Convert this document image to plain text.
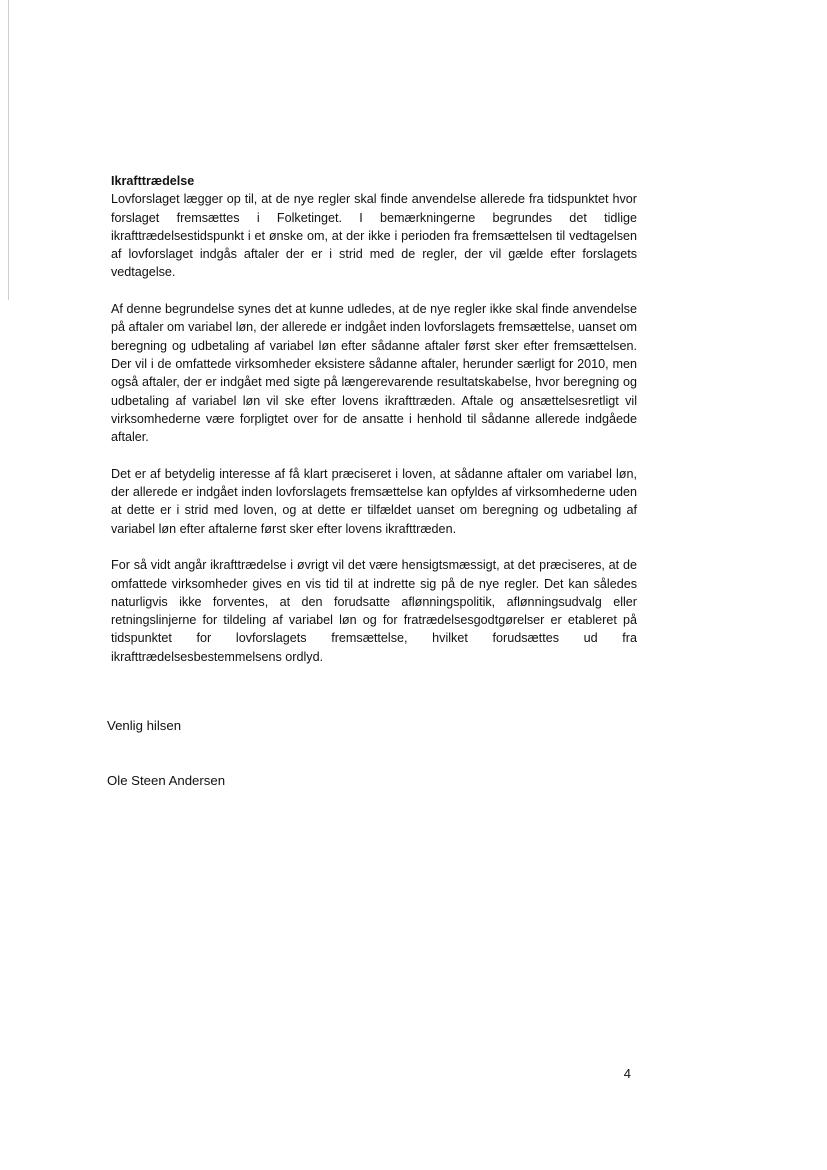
Ikrafttrædelse

Lovforslaget lægger op til, at de nye regler skal finde anvendelse allerede fra tidspunktet hvor forslaget fremsættes i Folketinget. I bemærkningerne begrundes det tidlige ikrafttrædelsestidspunkt i et ønske om, at der ikke i perioden fra fremsættelsen til vedtagelsen af lovforslaget indgås aftaler der er i strid med de regler, der vil gælde efter forslagets vedtagelse.

Af denne begrundelse synes det at kunne udledes, at de nye regler ikke skal finde anvendelse på aftaler om variabel løn, der allerede er indgået inden lovforslagets fremsættelse, uanset om beregning og udbetaling af variabel løn efter sådanne aftaler først sker efter fremsættelsen. Der vil i de omfattede virksomheder eksistere sådanne aftaler, herunder særligt for 2010, men også aftaler, der er indgået med sigte på længerevarende resultatskabelse, hvor beregning og udbetaling af variabel løn vil ske efter lovens ikrafttræden. Aftale og ansættelsesretligt vil virksomhederne være forpligtet over for de ansatte i henhold til sådanne allerede indgåede aftaler.

Det er af betydelig interesse af få klart præciseret i loven, at sådanne aftaler om variabel løn, der allerede er indgået inden lovforslagets fremsættelse kan opfyldes af virksomhederne uden at dette er i strid med loven, og at dette er tilfældet uanset om beregning og udbetaling af variabel løn efter aftalerne først sker efter lovens ikrafttræden.

For så vidt angår ikrafttrædelse i øvrigt vil det være hensigtsmæssigt, at det præciseres, at de omfattede virksomheder gives en vis tid til at indrette sig på de nye regler. Det kan således naturligvis ikke forventes, at den forudsatte aflønningspolitik, aflønningsudvalg eller retningslinjerne for tildeling af variabel løn og for fratrædelsesgodtgørelser er etableret på tidspunktet for lovforslagets fremsættelse, hvilket forudsættes ud fra ikrafttrædelsesbestemmelsens ordlyd.

Venlig hilsen
Ole Steen Andersen
4
